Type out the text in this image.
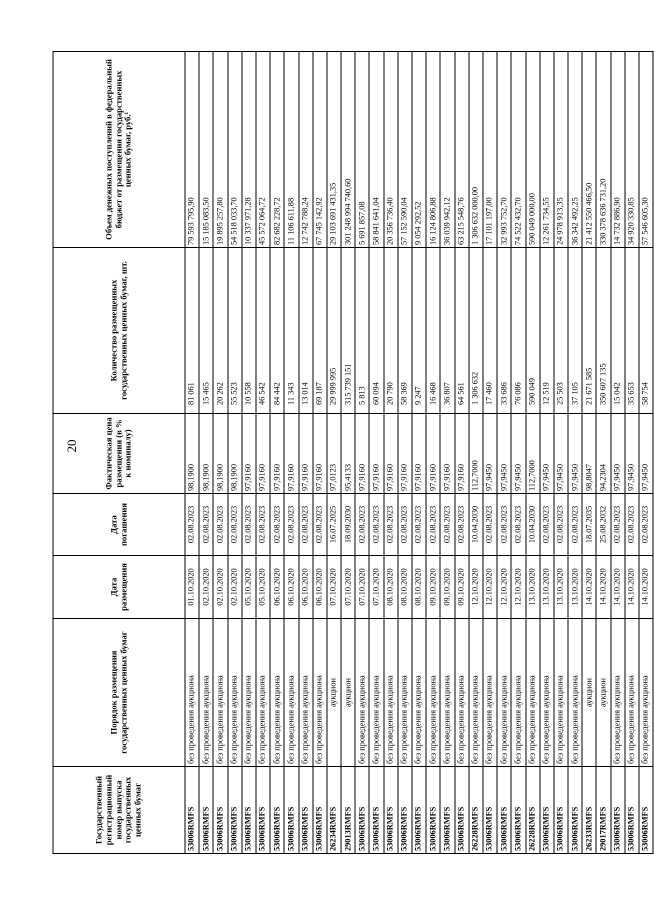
20
Государственный регистрационный номер выпуска государственных ценных бумаг	Порядок размещения государственных ценных бумаг	Дата размещения	Дата погашения	Фактическая цена размещения (в % к номиналу)	Количество размещенных государственных ценных бумаг, шт.	Объем денежных поступлений в федеральный бюджет от размещения государственных ценных бумаг, руб.¹
53006RMFS	без проведения аукциона	01.10.2020	02.08.2023	98,1900	81 061	79 593 795,90
53006RMFS	без проведения аукциона	02.10.2020	02.08.2023	98,1900	15 465	15 185 083,50
53006RMFS	без проведения аукциона	02.10.2020	02.08.2023	98,1900	20 262	19 895 257,80
53006RMFS	без проведения аукциона	02.10.2020	02.08.2023	98,1900	55 523	54 518 033,70
53006RMFS	без проведения аукциона	05.10.2020	02.08.2023	97,9160	10 558	10 337 971,28
53006RMFS	без проведения аукциона	05.10.2020	02.08.2023	97,9160	46 542	45 572 064,72
53006RMFS	без проведения аукциона	06.10.2020	02.08.2023	97,9160	84 442	82 682 228,72
53006RMFS	без проведения аукциона	06.10.2020	02.08.2023	97,9160	11 343	11 106 611,88
53006RMFS	без проведения аукциона	06.10.2020	02.08.2023	97,9160	13 014	12 742 788,24
53006RMFS	без проведения аукциона	06.10.2020	02.08.2023	97,9160	69 187	67 745 142,92
26234RMFS	аукцион	07.10.2020	16.07.2025	97,0123	29 999 995	29 103 691 431,35
29013RMFS	аукцион	07.10.2020	18.09.2030	95,4133	315 739 151	301 248 994 740,60
53006RMFS	без проведения аукциона	07.10.2020	02.08.2023	97,9160	5 813	5 691 857,08
53006RMFS	без проведения аукциона	07.10.2020	02.08.2023	97,9160	60 094	58 841 641,04
53006RMFS	без проведения аукциона	08.10.2020	02.08.2023	97,9160	20 790	20 356 736,40
53006RMFS	без проведения аукциона	08.10.2020	02.08.2023	97,9160	58 369	57 152 590,04
53006RMFS	без проведения аукциона	08.10.2020	02.08.2023	97,9160	9 247	9 054 292,52
53006RMFS	без проведения аукциона	09.10.2020	02.08.2023	97,9160	16 468	16 124 806,88
53006RMFS	без проведения аукциона	09.10.2020	02.08.2023	97,9160	36 807	36 039 942,12
53006RMFS	без проведения аукциона	09.10.2020	02.08.2023	97,9160	64 561	63 215 548,76
26228RMFS	без проведения аукциона	12.10.2020	10.04.2030	112,7000	1 306 632	1 306 632 000,00
53006RMFS	без проведения аукциона	12.10.2020	02.08.2023	97,9450	17 460	17 101 197,00
53006RMFS	без проведения аукциона	12.10.2020	02.08.2023	97,9450	33 686	32 993 752,70
53006RMFS	без проведения аукциона	12.10.2020	02.08.2023	97,9450	76 086	74 522 432,70
26228RMFS	без проведения аукциона	13.10.2020	10.04.2030	112,7000	590 049	590 049 000,00
53006RMFS	без проведения аукциона	13.10.2020	02.08.2023	97,9450	12 519	12 261 734,55
53006RMFS	без проведения аукциона	13.10.2020	02.08.2023	97,9450	25 503	24 978 913,35
53006RMFS	без проведения аукциона	13.10.2020	02.08.2023	97,9450	37 105	36 342 492,25
26233RMFS	аукцион	14.10.2020	18.07.2035	98,8047	21 671 585	21 412 550 466,50
29017RMFS	аукцион	14.10.2020	25.08.2032	94,2304	350 607 135	330 378 636 731,20
53006RMFS	без проведения аукциона	14.10.2020	02.08.2023	97,9450	15 042	14 732 886,90
53006RMFS	без проведения аукциона	14.10.2020	02.08.2023	97,9450	35 653	34 920 330,85
53006RMFS	без проведения аукциона	14.10.2020	02.08.2023	97,9450	58 754	57 546 605,30
